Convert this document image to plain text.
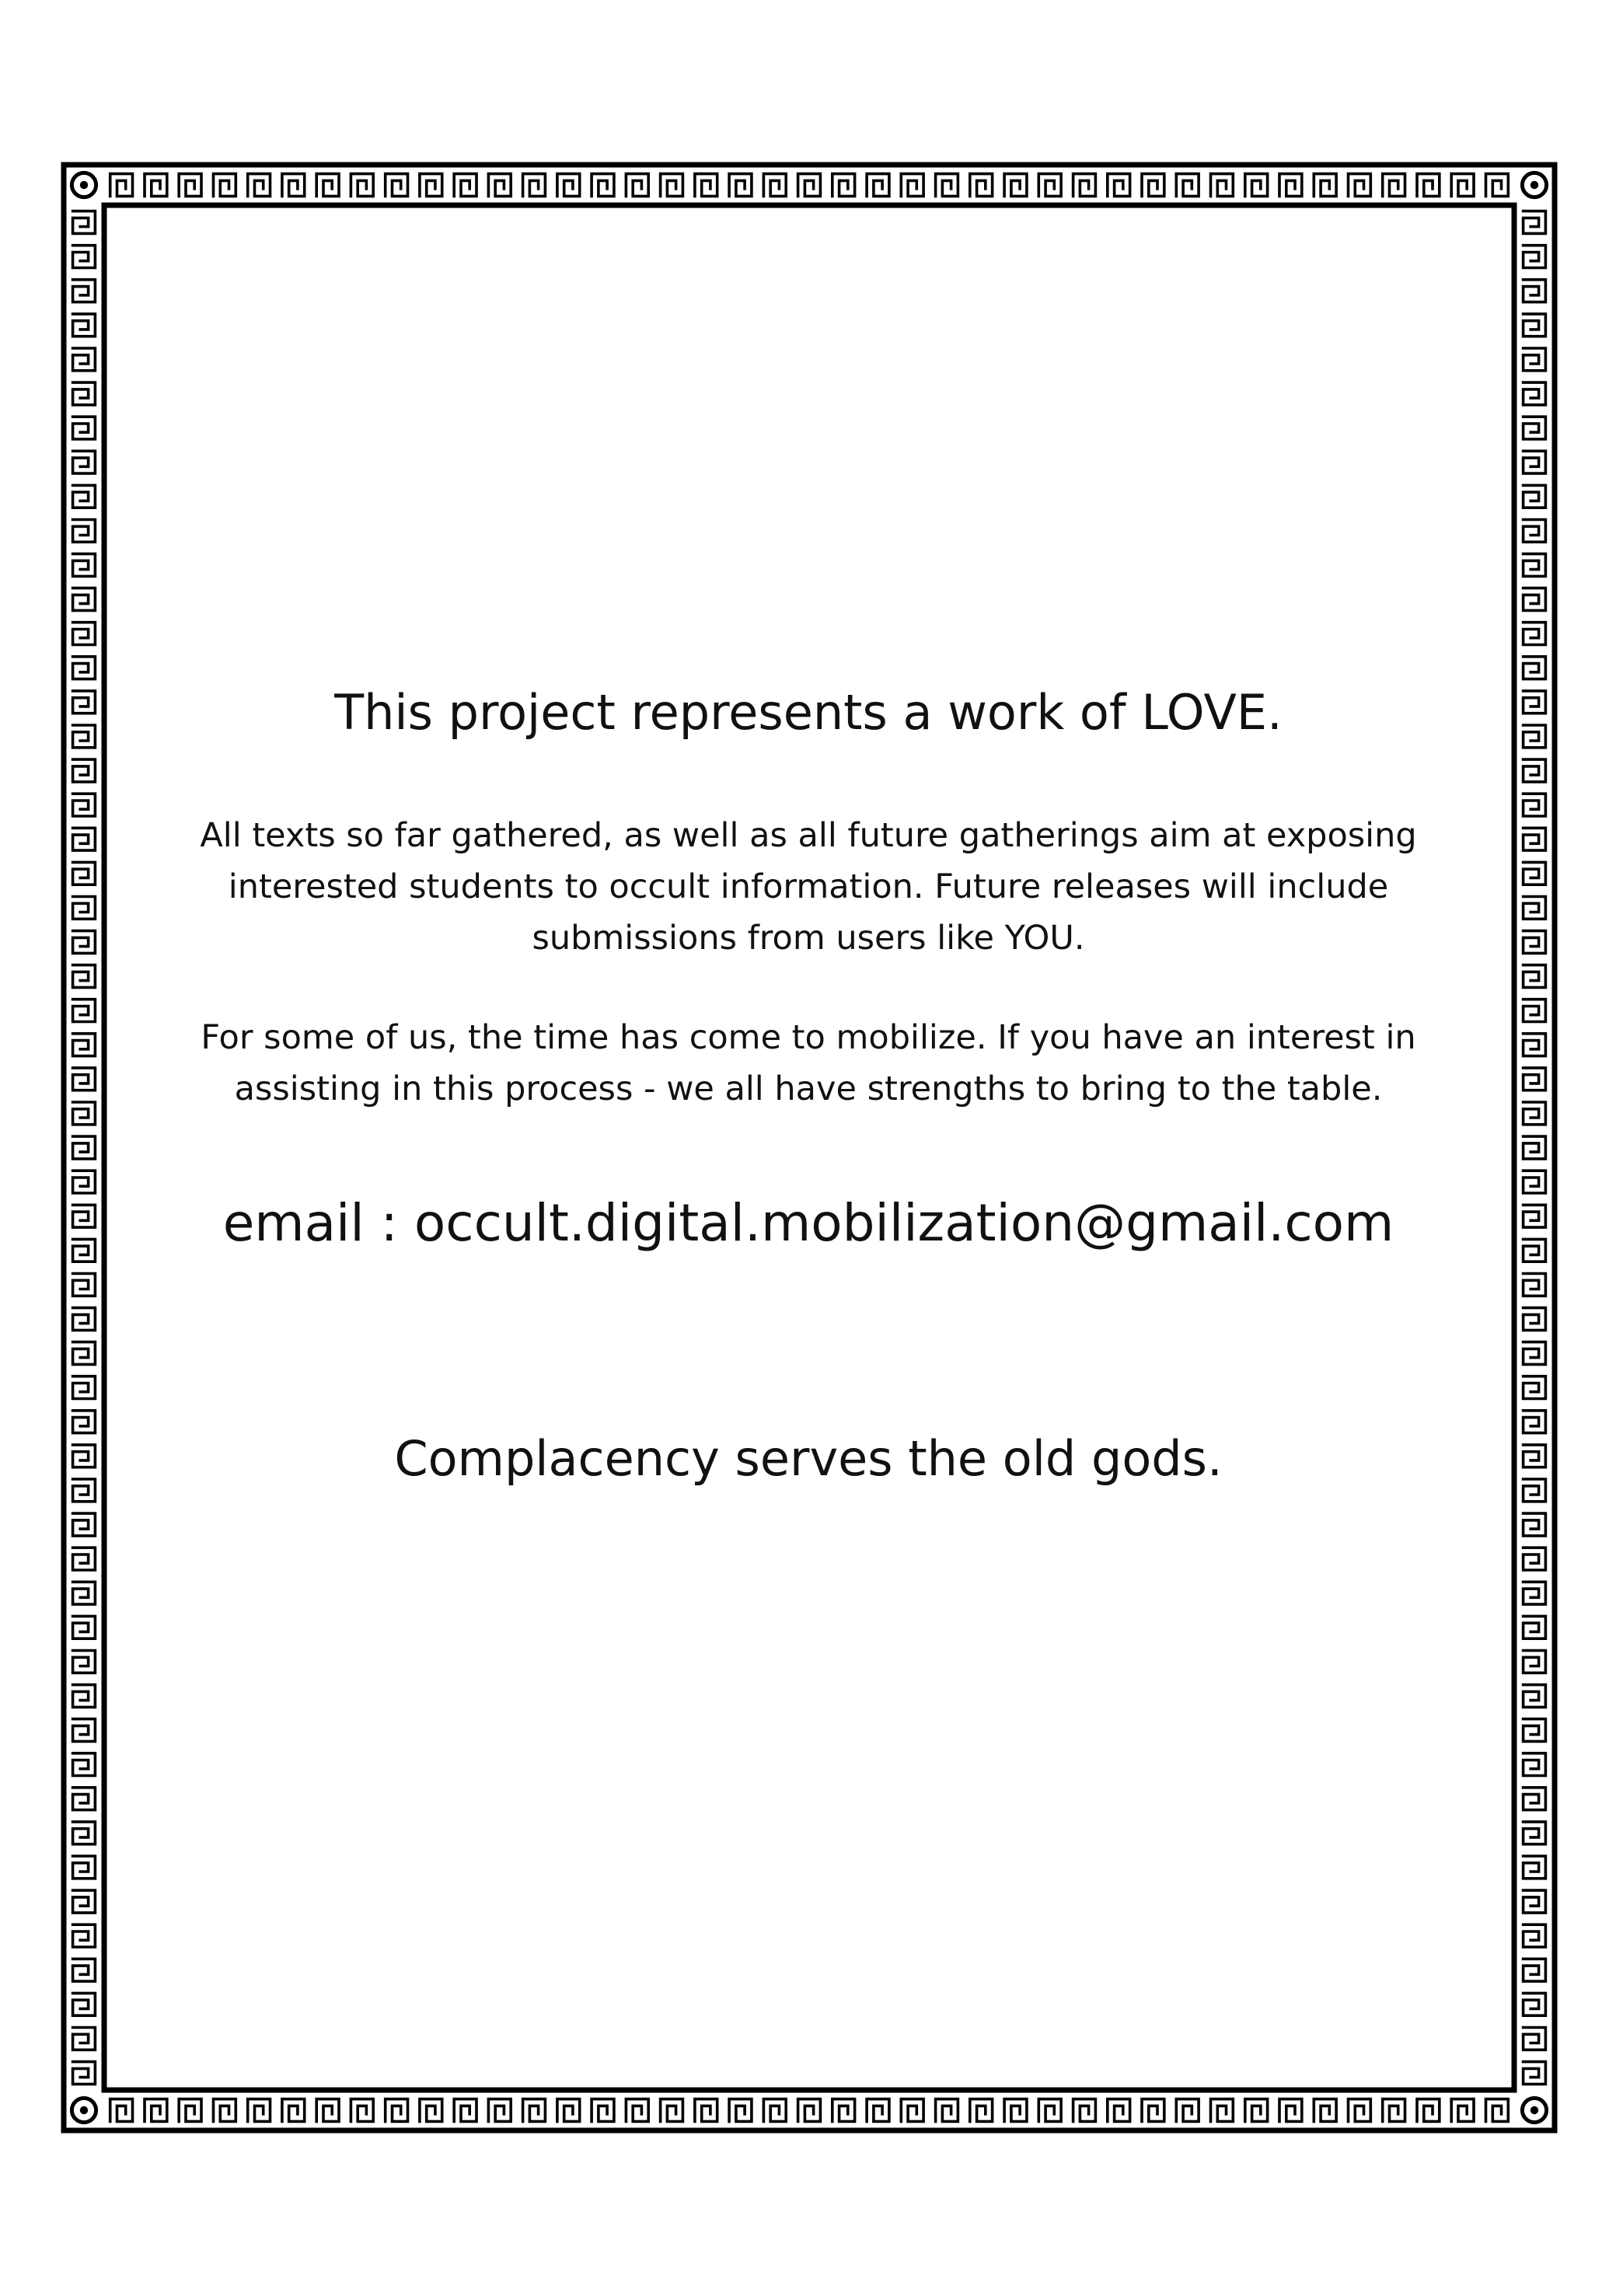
This project represents a work of LOVE.
All texts so far gathered, as well as all future gatherings aim at exposing
interested students to occult information. Future releases will include
submissions from users like YOU.
For some of us, the time has come to mobilize. If you have an interest in
assisting in this process - we all have strengths to bring to the table.
email : occult.digital.mobilization@gmail.com
Complacency serves the old gods.
